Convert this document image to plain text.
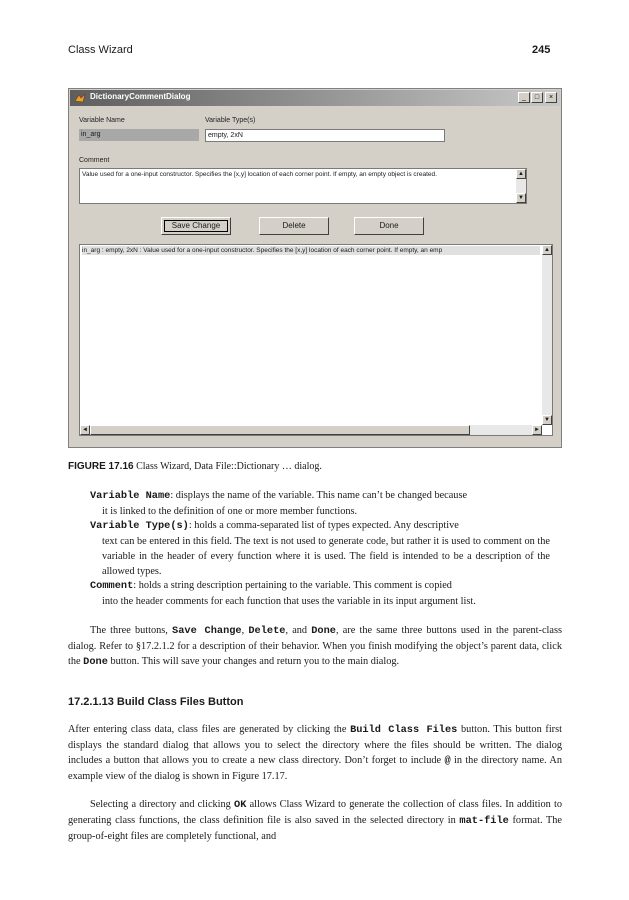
Class Wizard	245
DictionaryCommentDialog	_	□	×
Variable Name	Variable Type(s)
in_arg	empty, 2xN
Comment
Value used for a one-input constructor. Specifies the [x,y] location of each corner point. If empty, an empty object is created.	▲
▼
Save Change	Delete	Done
in_arg : empty, 2xN : Value used for a one-input constructor. Specifies the [x,y] location of each corner point. If empty, an emp	▲
▼
◄	►
FIGURE 17.16 Class Wizard, Data File::Dictionary … dialog.
Variable Name: displays the name of the variable. This name can’t be changed because
it is linked to the definition of one or more member functions.
Variable Type(s): holds a comma-separated list of types expected. Any descriptive
text can be entered in this field. The text is not used to generate code, but rather it is used to comment on the variable in the header of every function where it is used. The field is intended to be a description of the allowed types.
Comment: holds a string description pertaining to the variable. This comment is copied
into the header comments for each function that uses the variable in its input argument list.

The three buttons, Save Change, Delete, and Done, are the same three buttons used in the parent-class dialog. Refer to §17.2.1.2 for a description of their behavior. When you finish modifying the object’s parent data, click the Done button. This will save your changes and return you to the main dialog.

17.2.1.13 Build Class Files Button

After entering class data, class files are generated by clicking the Build Class Files button. This button first displays the standard dialog that allows you to select the directory where the files should be written. The dialog includes a button that allows you to create a new class directory. Don’t forget to include @ in the directory name. An example view of the dialog is shown in Figure 17.17.

Selecting a directory and clicking OK allows Class Wizard to generate the collection of class files. In addition to generating class functions, the class definition file is also saved in the selected directory in mat-file format. The group-of-eight files are completely functional, and
